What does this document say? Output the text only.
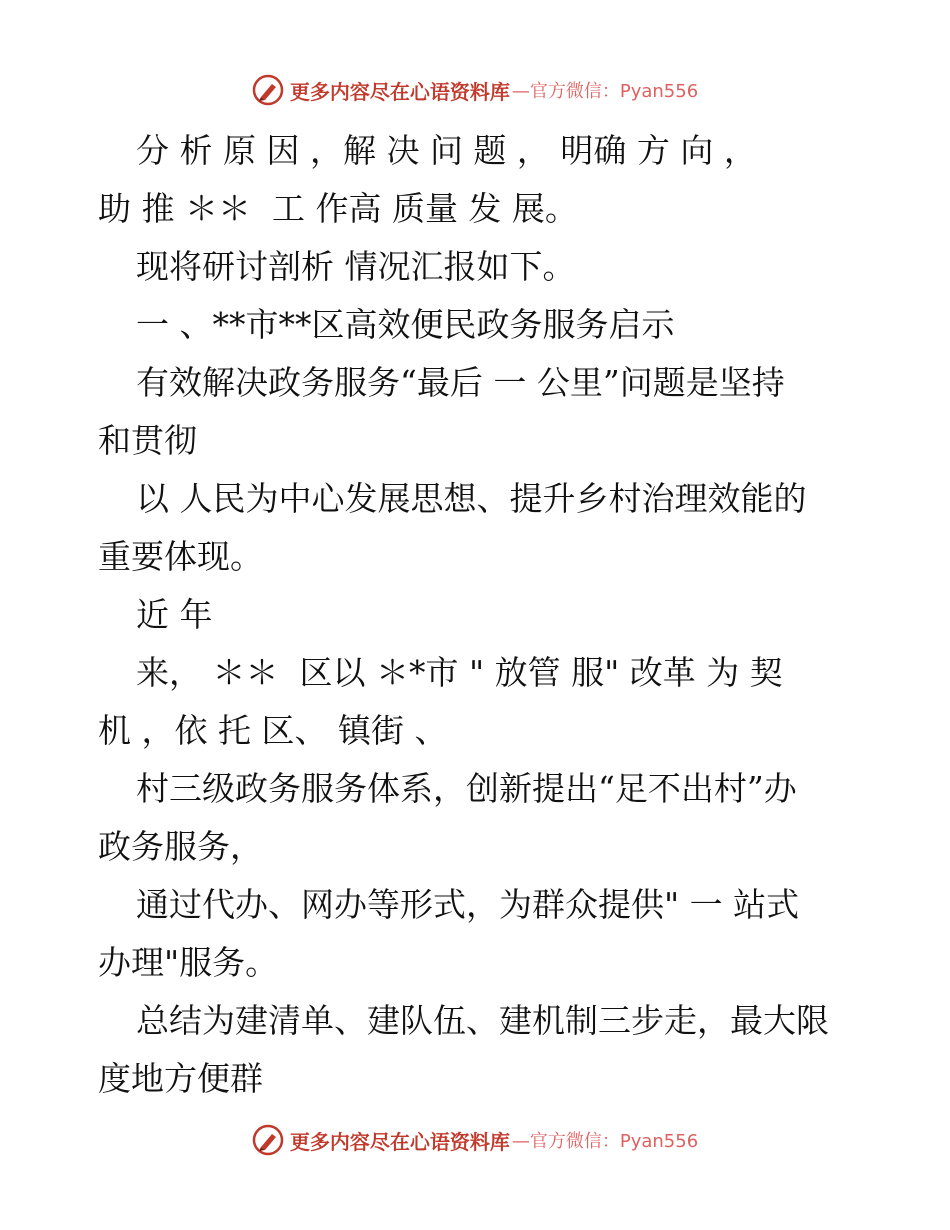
更多内容尽在心语资料库 —官方微信：Pyan556
分 析 原 因 ，解 决 问 题 ， 明确 方 向 ，
助 推 ＊＊  工 作高 质量 发 展。
现将研讨剖析 情况汇报如下。
一 、**市**区高效便民政务服务启示
有效解决政务服务“最后 一 公里”问题是坚持
和贯彻
以 人民为中心发展思想、提升乡村治理效能的
重要体现。
近 年
来， ＊＊  区以 ＊*市 " 放管 服" 改革 为 契
机 ，依 托 区、 镇街 、
村三级政务服务体系，创新提出“足不出村”办
政务服务，
通过代办、网办等形式，为群众提供" 一 站式
办理"服务。
总结为建清单、建队伍、建机制三步走，最大限
度地方便群
更多内容尽在心语资料库 —官方微信：Pyan556
